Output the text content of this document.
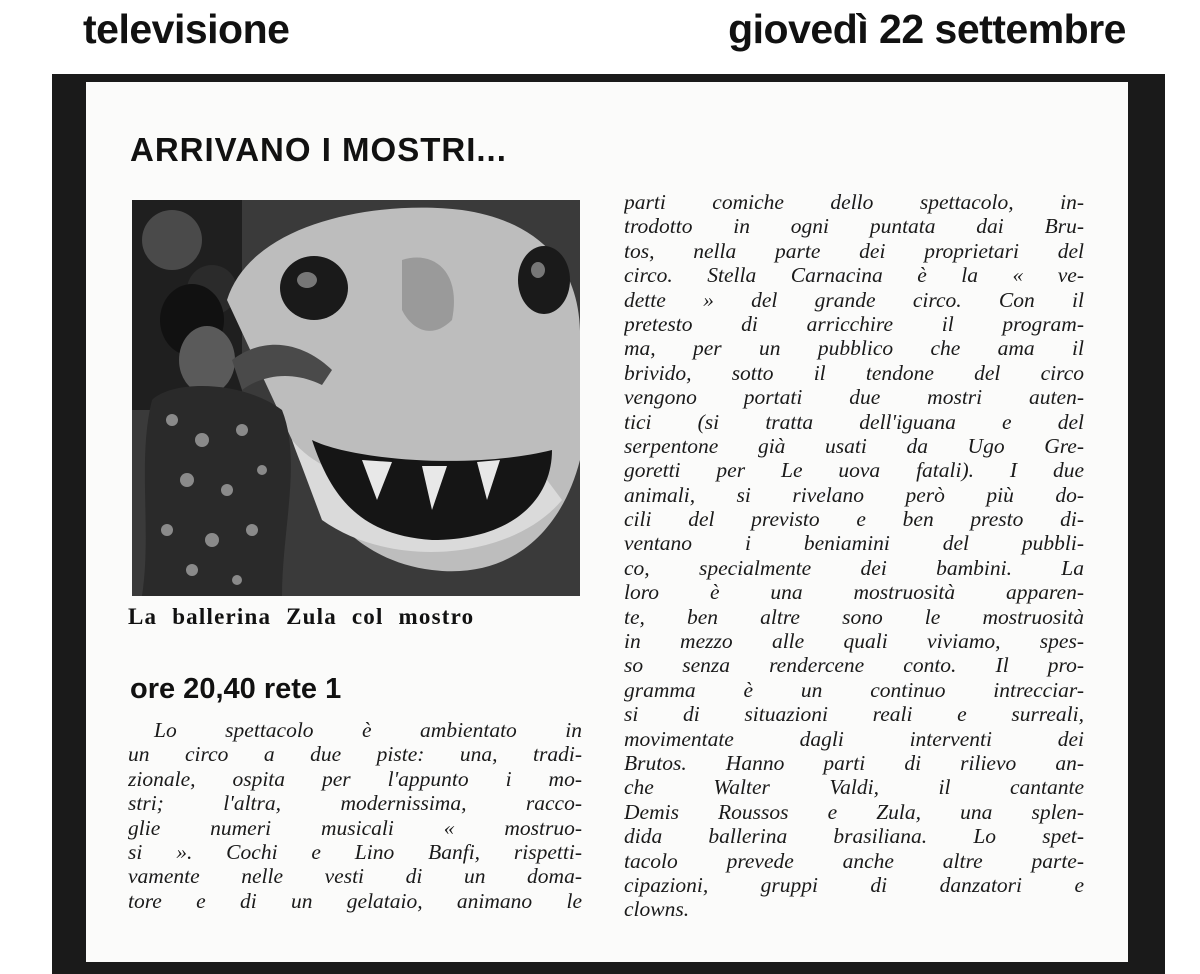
televisione	giovedì 22 settembre
ARRIVANO I MOSTRI...
La ballerina Zula col mostro
ore 20,40 rete 1
Lo spettacolo è ambientato in
un circo a due piste: una, tradi-
zionale, ospita per l'appunto i mo-
stri; l'altra, modernissima, racco-
glie numeri musicali « mostruo-
si ». Cochi e Lino Banfi, rispetti-
vamente nelle vesti di un doma-
tore e di un gelataio, animano le
parti comiche dello spettacolo, in-
trodotto in ogni puntata dai Bru-
tos, nella parte dei proprietari del
circo. Stella Carnacina è la « ve-
dette » del grande circo. Con il
pretesto di arricchire il program-
ma, per un pubblico che ama il
brivido, sotto il tendone del circo
vengono portati due mostri auten-
tici (si tratta dell'iguana e del
serpentone già usati da Ugo Gre-
goretti per Le uova fatali). I due
animali, si rivelano però più do-
cili del previsto e ben presto di-
ventano i beniamini del pubbli-
co, specialmente dei bambini. La
loro è una mostruosità apparen-
te, ben altre sono le mostruosità
in mezzo alle quali viviamo, spes-
so senza rendercene conto. Il pro-
gramma è un continuo intrecciar-
si di situazioni reali e surreali,
movimentate dagli interventi dei
Brutos. Hanno parti di rilievo an-
che Walter Valdi, il cantante
Demis Roussos e Zula, una splen-
dida ballerina brasiliana. Lo spet-
tacolo prevede anche altre parte-
cipazioni, gruppi di danzatori e
clowns.
